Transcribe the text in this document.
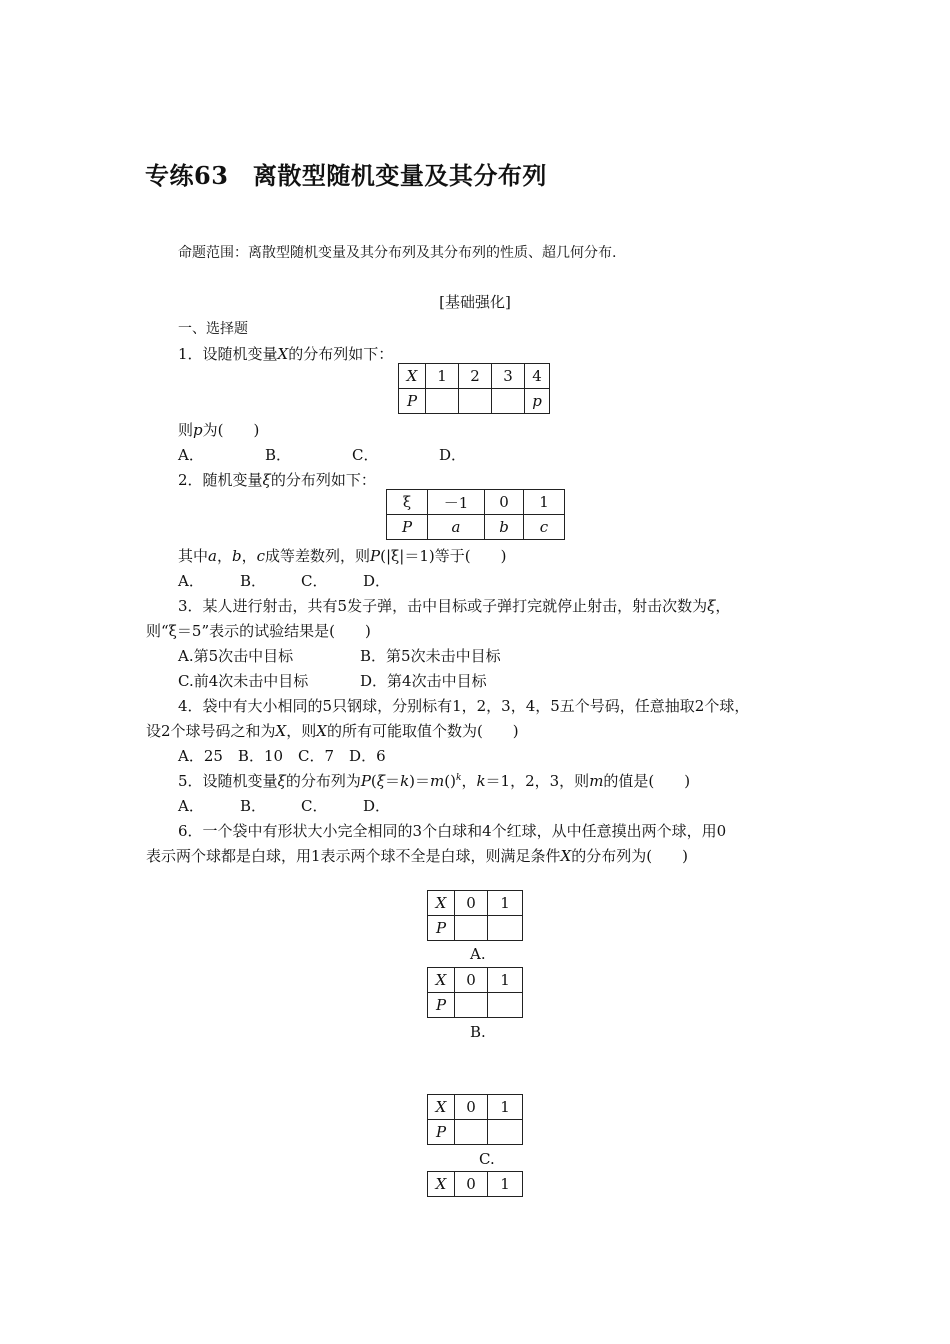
专练63　离散型随机变量及其分布列
命题范围：离散型随机变量及其分布列及其分布列的性质、超几何分布.
[基础强化]
一、选择题
1．设随机变量X的分布列如下：
X	1	2	3	4
P				p
则p为(　　)
A．	B．	C．	D．
2．随机变量ξ的分布列如下：
ξ	－1	0	1
P	a	b	c
其中a，b，c成等差数列，则P(|ξ|＝1)等于(　　)
A． B． C． D．
3．某人进行射击，共有5发子弹，击中目标或子弹打完就停止射击，射击次数为ξ，
则“ξ＝5”表示的试验结果是(　　)
A.第5次击中目标	B．第5次未击中目标
C.前4次未击中目标	D．第4次击中目标
4．袋中有大小相同的5只钢球，分别标有1，2，3，4，5五个号码，任意抽取2个球，
设2个球号码之和为X，则X的所有可能取值个数为(　　)
A．25　B．10　C．7　D．6
5．设随机变量ξ的分布列为P(ξ＝k)＝m()$^k$，k＝1，2，3，则m的值是(　　)
A． B． C． D．
6．一个袋中有形状大小完全相同的3个白球和4个红球，从中任意摸出两个球，用0
表示两个球都是白球，用1表示两个球不全是白球，则满足条件X的分布列为(　　)
X	0	1
P		
A.
X	0	1
P		
B.
X	0	1
P		
C.
X	0	1
